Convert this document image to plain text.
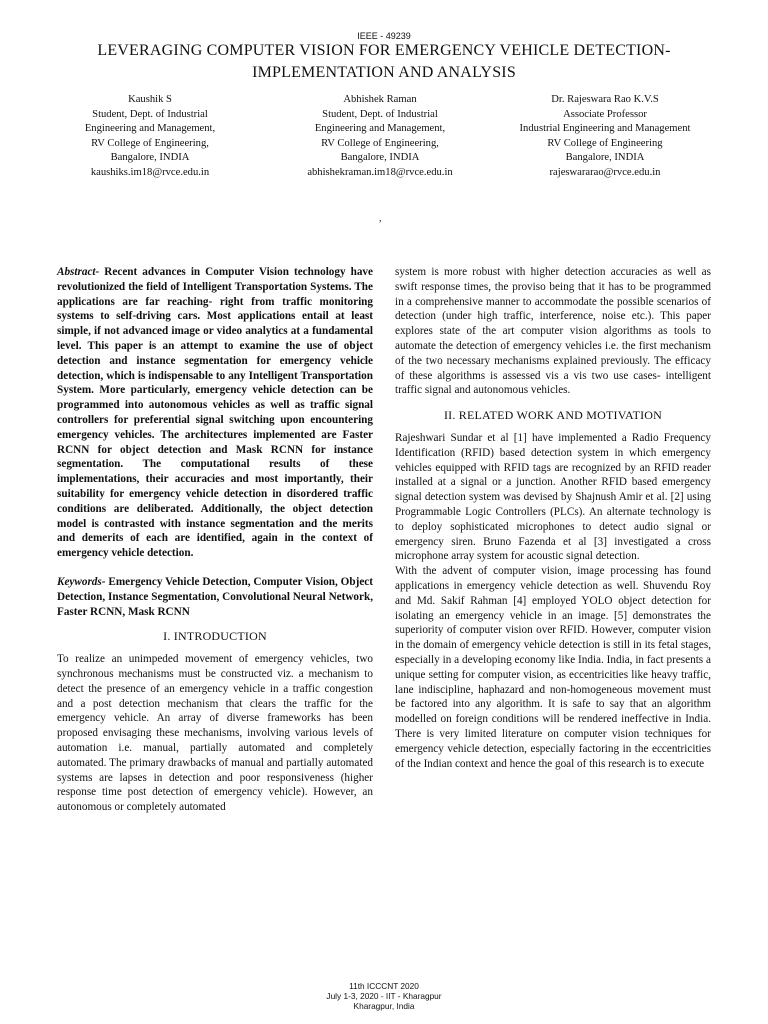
IEEE - 49239
LEVERAGING COMPUTER VISION FOR EMERGENCY VEHICLE DETECTION-
IMPLEMENTATION AND ANALYSIS
Kaushik S
Student, Dept. of Industrial
Engineering and Management,
RV College of Engineering,
Bangalore, INDIA
kaushiks.im18@rvce.edu.in
Abhishek Raman
Student, Dept. of Industrial
Engineering and Management,
RV College of Engineering,
Bangalore, INDIA
abhishekraman.im18@rvce.edu.in
Dr. Rajeswara Rao K.V.S
Associate Professor
Industrial Engineering and Management
RV College of Engineering
Bangalore, INDIA
rajeswararao@rvce.edu.in
,

Abstract- Recent advances in Computer Vision technology have revolutionized the field of Intelligent Transportation Systems. The applications are far reaching- right from traffic monitoring systems to self-driving cars. Most applications entail at least simple, if not advanced image or video analytics at a fundamental level. This paper is an attempt to examine the use of object detection and instance segmentation for emergency vehicle detection, which is indispensable to any Intelligent Transportation System. More particularly, emergency vehicle detection can be programmed into autonomous vehicles as well as traffic signal controllers for preferential signal switching upon encountering emergency vehicles. The architectures implemented are Faster RCNN for object detection and Mask RCNN for instance segmentation. The computational results of these implementations, their accuracies and most importantly, their suitability for emergency vehicle detection in disordered traffic conditions are deliberated. Additionally, the object detection model is contrasted with instance segmentation and the merits and demerits of each are identified, again in the context of emergency vehicle detection.

Keywords- Emergency Vehicle Detection, Computer Vision, Object Detection, Instance Segmentation, Convolutional Neural Network, Faster RCNN, Mask RCNN

I. INTRODUCTION

To realize an unimpeded movement of emergency vehicles, two synchronous mechanisms must be constructed viz. a mechanism to detect the presence of an emergency vehicle in a traffic congestion and a post detection mechanism that clears the traffic for the emergency vehicle. An array of diverse frameworks has been proposed envisaging these mechanisms, involving various levels of automation i.e. manual, partially automated and completely automated. The primary drawbacks of manual and partially automated systems are lapses in detection and poor responsiveness (higher response time post detection of emergency vehicle). However, an autonomous or completely automated

system is more robust with higher detection accuracies as well as swift response times, the proviso being that it has to be programmed in a comprehensive manner to accommodate the possible scenarios of detection (under high traffic, interference, noise etc.). This paper explores state of the art computer vision algorithms as tools to automate the detection of emergency vehicles i.e. the first mechanism of the two necessary mechanisms explained previously. The efficacy of these algorithms is assessed vis a vis two use cases- intelligent traffic signal and autonomous vehicles.

II. RELATED WORK AND MOTIVATION

Rajeshwari Sundar et al [1] have implemented a Radio Frequency Identification (RFID) based detection system in which emergency vehicles equipped with RFID tags are recognized by an RFID reader installed at a signal or a junction. Another RFID based emergency signal detection system was devised by Shajnush Amir et al. [2] using Programmable Logic Controllers (PLCs). An alternate technology is to deploy sophisticated microphones to detect audio signal or emergency siren. Bruno Fazenda et al [3] investigated a cross microphone array system for acoustic signal detection.

With the advent of computer vision, image processing has found applications in emergency vehicle detection as well. Shuvendu Roy and Md. Sakif Rahman [4] employed YOLO object detection for isolating an emergency vehicle in an image. [5] demonstrates the superiority of computer vision over RFID. However, computer vision in the domain of emergency vehicle detection is still in its fetal stages, especially in a developing economy like India. India, in fact presents a unique setting for computer vision, as eccentricities like heavy traffic, lane indiscipline, haphazard and non-homogeneous movement must be factored into any algorithm. It is safe to say that an algorithm modelled on foreign conditions will be rendered ineffective in India. There is very limited literature on computer vision techniques for emergency vehicle detection, especially factoring in the eccentricities of the Indian context and hence the goal of this research is to execute

11th ICCCNT 2020
July 1-3, 2020 - IIT - Kharagpur
Kharagpur, India
